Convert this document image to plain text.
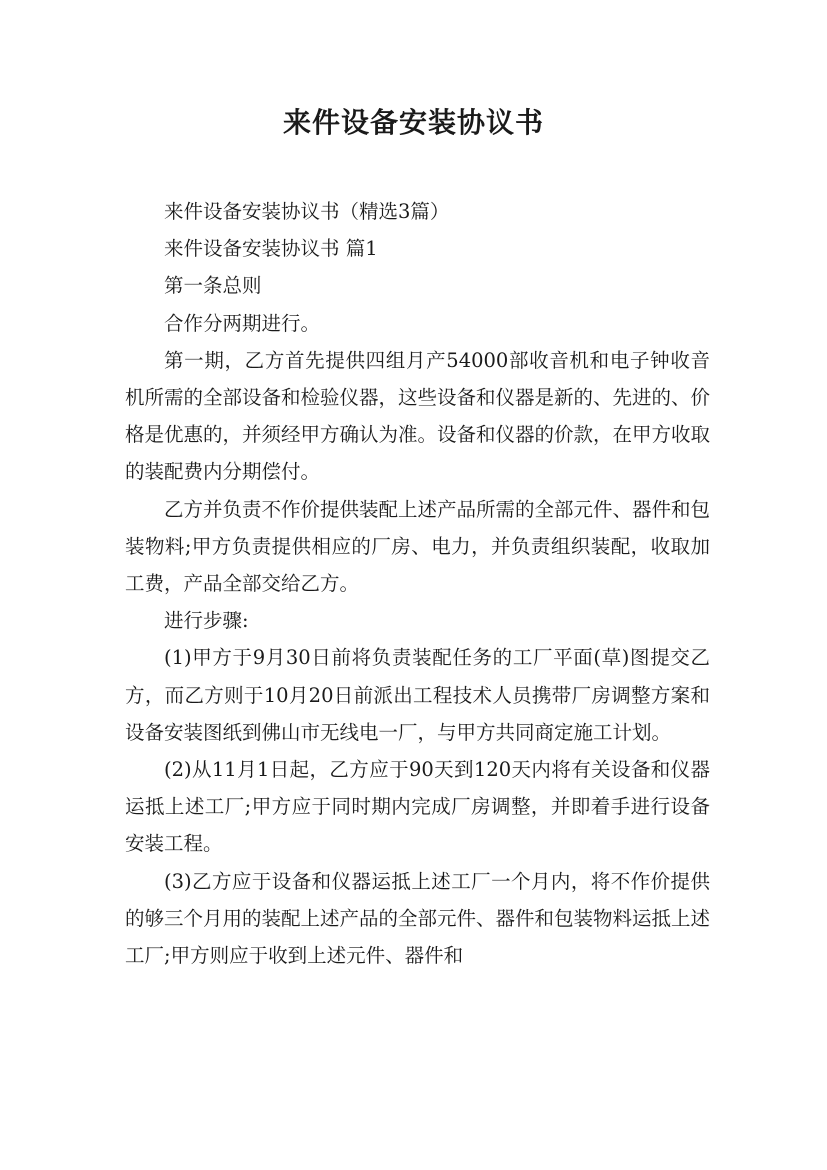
来件设备安装协议书

来件设备安装协议书（精选3篇）

来件设备安装协议书 篇1

第一条总则

合作分两期进行。

第一期，乙方首先提供四组月产54000部收音机和电子钟收音机所需的全部设备和检验仪器，这些设备和仪器是新的、先进的、价格是优惠的，并须经甲方确认为准。设备和仪器的价款，在甲方收取的装配费内分期偿付。

乙方并负责不作价提供装配上述产品所需的全部元件、器件和包装物料;甲方负责提供相应的厂房、电力，并负责组织装配，收取加工费，产品全部交给乙方。

进行步骤:

(1)甲方于9月30日前将负责装配任务的工厂平面(草)图提交乙方，而乙方则于10月20日前派出工程技术人员携带厂房调整方案和设备安装图纸到佛山市无线电一厂，与甲方共同商定施工计划。

(2)从11月1日起，乙方应于90天到120天内将有关设备和仪器运抵上述工厂;甲方应于同时期内完成厂房调整，并即着手进行设备安装工程。

(3)乙方应于设备和仪器运抵上述工厂一个月内，将不作价提供的够三个月用的装配上述产品的全部元件、器件和包装物料运抵上述工厂;甲方则应于收到上述元件、器件和
